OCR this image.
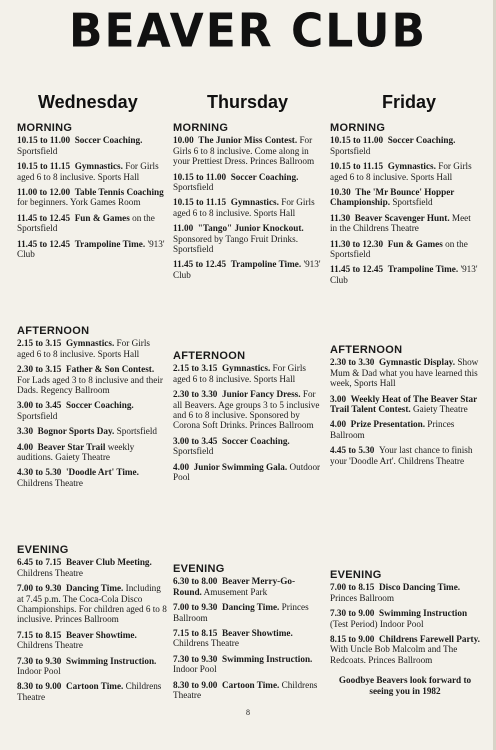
BEAVER CLUB
Wednesday	Thursday	Friday
MORNING
10.15 to 11.00 Soccer Coaching. Sportsfield
10.15 to 11.15 Gymnastics. For Girls aged 6 to 8 inclusive. Sports Hall
11.00 to 12.00 Table Tennis Coaching for beginners. York Games Room
11.45 to 12.45 Fun & Games on the Sportsfield
11.45 to 12.45 Trampoline Time. '913' Club
AFTERNOON
2.15 to 3.15 Gymnastics. For Girls aged 6 to 8 inclusive. Sports Hall
2.30 to 3.15 Father & Son Contest. For Lads aged 3 to 8 inclusive and their Dads. Regency Ballroom
3.00 to 3.45 Soccer Coaching. Sportsfield
3.30 Bognor Sports Day. Sportsfield
4.00 Beaver Star Trail weekly auditions. Gaiety Theatre
4.30 to 5.30 'Doodle Art' Time. Childrens Theatre
EVENING
6.45 to 7.15 Beaver Club Meeting. Childrens Theatre
7.00 to 9.30 Dancing Time. Including at 7.45 p.m. The Coca-Cola Disco Championships. For children aged 6 to 8 inclusive. Princes Ballroom
7.15 to 8.15 Beaver Showtime. Childrens Theatre
7.30 to 9.30 Swimming Instruction. Indoor Pool
8.30 to 9.00 Cartoon Time. Childrens Theatre
MORNING
10.00 The Junior Miss Contest. For Girls 6 to 8 inclusive. Come along in your Prettiest Dress. Princes Ballroom
10.15 to 11.00 Soccer Coaching. Sportsfield
10.15 to 11.15 Gymnastics. For Girls aged 6 to 8 inclusive. Sports Hall
11.00 "Tango" Junior Knockout. Sponsored by Tango Fruit Drinks. Sportsfield
11.45 to 12.45 Trampoline Time. '913' Club
AFTERNOON
2.15 to 3.15 Gymnastics. For Girls aged 6 to 8 inclusive. Sports Hall
2.30 to 3.30 Junior Fancy Dress. For all Beavers. Age groups 3 to 5 inclusive and 6 to 8 inclusive. Sponsored by Corona Soft Drinks. Princes Ballroom
3.00 to 3.45 Soccer Coaching. Sportsfield
4.00 Junior Swimming Gala. Outdoor Pool
EVENING
6.30 to 8.00 Beaver Merry-Go-Round. Amusement Park
7.00 to 9.30 Dancing Time. Princes Ballroom
7.15 to 8.15 Beaver Showtime. Childrens Theatre
7.30 to 9.30 Swimming Instruction. Indoor Pool
8.30 to 9.00 Cartoon Time. Childrens Theatre
MORNING
10.15 to 11.00 Soccer Coaching. Sportsfield
10.15 to 11.15 Gymnastics. For Girls aged 6 to 8 inclusive. Sports Hall
10.30 The 'Mr Bounce' Hopper Championship. Sportsfield
11.30 Beaver Scavenger Hunt. Meet in the Childrens Theatre
11.30 to 12.30 Fun & Games on the Sportsfield
11.45 to 12.45 Trampoline Time. '913' Club
AFTERNOON
2.30 to 3.30 Gymnastic Display. Show Mum & Dad what you have learned this week, Sports Hall
3.00 Weekly Heat of The Beaver Star Trail Talent Contest. Gaiety Theatre
4.00 Prize Presentation. Princes Ballroom
4.45 to 5.30 Your last chance to finish your 'Doodle Art'. Childrens Theatre
EVENING
7.00 to 8.15 Disco Dancing Time. Princes Ballroom
7.30 to 9.00 Swimming Instruction (Test Period) Indoor Pool
8.15 to 9.00 Childrens Farewell Party. With Uncle Bob Malcolm and The Redcoats. Princes Ballroom
Goodbye Beavers look forward to seeing you in 1982
8
